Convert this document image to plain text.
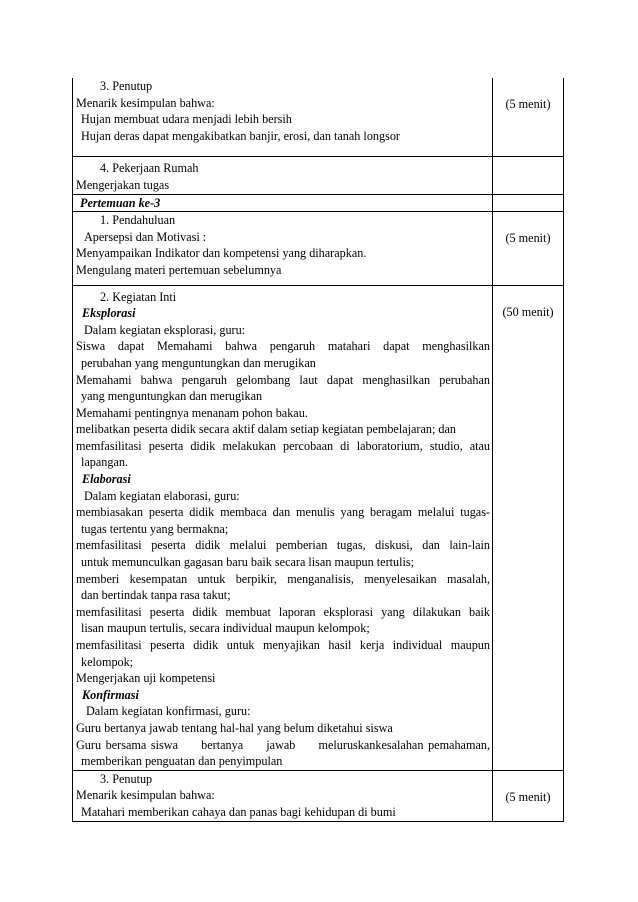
3. Penutup
Menarik kesimpulan bahwa:
Hujan membuat udara menjadi lebih bersih
Hujan deras dapat mengakibatkan banjir, erosi, dan tanah longsor
(5 menit)
4. Pekerjaan Rumah
Mengerjakan tugas
Pertemuan ke-3
1. Pendahuluan
Apersepsi dan Motivasi :
Menyampaikan Indikator dan kompetensi yang diharapkan.
Mengulang materi pertemuan sebelumnya
(5 menit)
2. Kegiatan Inti
Eksplorasi
Dalam kegiatan eksplorasi, guru:
Siswa dapat Memahami bahwa pengaruh matahari dapat menghasilkan
perubahan yang menguntungkan dan merugikan
Memahami bahwa pengaruh gelombang laut dapat menghasilkan perubahan
yang menguntungkan dan merugikan
Memahami pentingnya menanam pohon bakau.
melibatkan peserta didik secara aktif dalam setiap kegiatan pembelajaran; dan
memfasilitasi peserta didik melakukan percobaan di laboratorium, studio, atau
lapangan.
Elaborasi
Dalam kegiatan elaborasi, guru:
membiasakan peserta didik membaca dan menulis yang beragam melalui tugas-
tugas tertentu yang bermakna;
memfasilitasi peserta didik melalui pemberian tugas, diskusi, dan lain-lain
untuk memunculkan gagasan baru baik secara lisan maupun tertulis;
memberi kesempatan untuk berpikir, menganalisis, menyelesaikan masalah,
dan bertindak tanpa rasa takut;
memfasilitasi peserta didik membuat laporan eksplorasi yang dilakukan baik
lisan maupun tertulis, secara individual maupun kelompok;
memfasilitasi peserta didik untuk menyajikan hasil kerja individual maupun
kelompok;
Mengerjakan uji kompetensi
Konfirmasi
Dalam kegiatan konfirmasi, guru:
Guru bertanya jawab tentang hal-hal yang belum diketahui siswa
Guru bersama siswa     bertanya     jawab     meluruskankesalahan pemahaman,
memberikan penguatan dan penyimpulan
(50 menit)
3. Penutup
Menarik kesimpulan bahwa:
Matahari memberikan cahaya dan panas bagi kehidupan di bumi
(5 menit)
